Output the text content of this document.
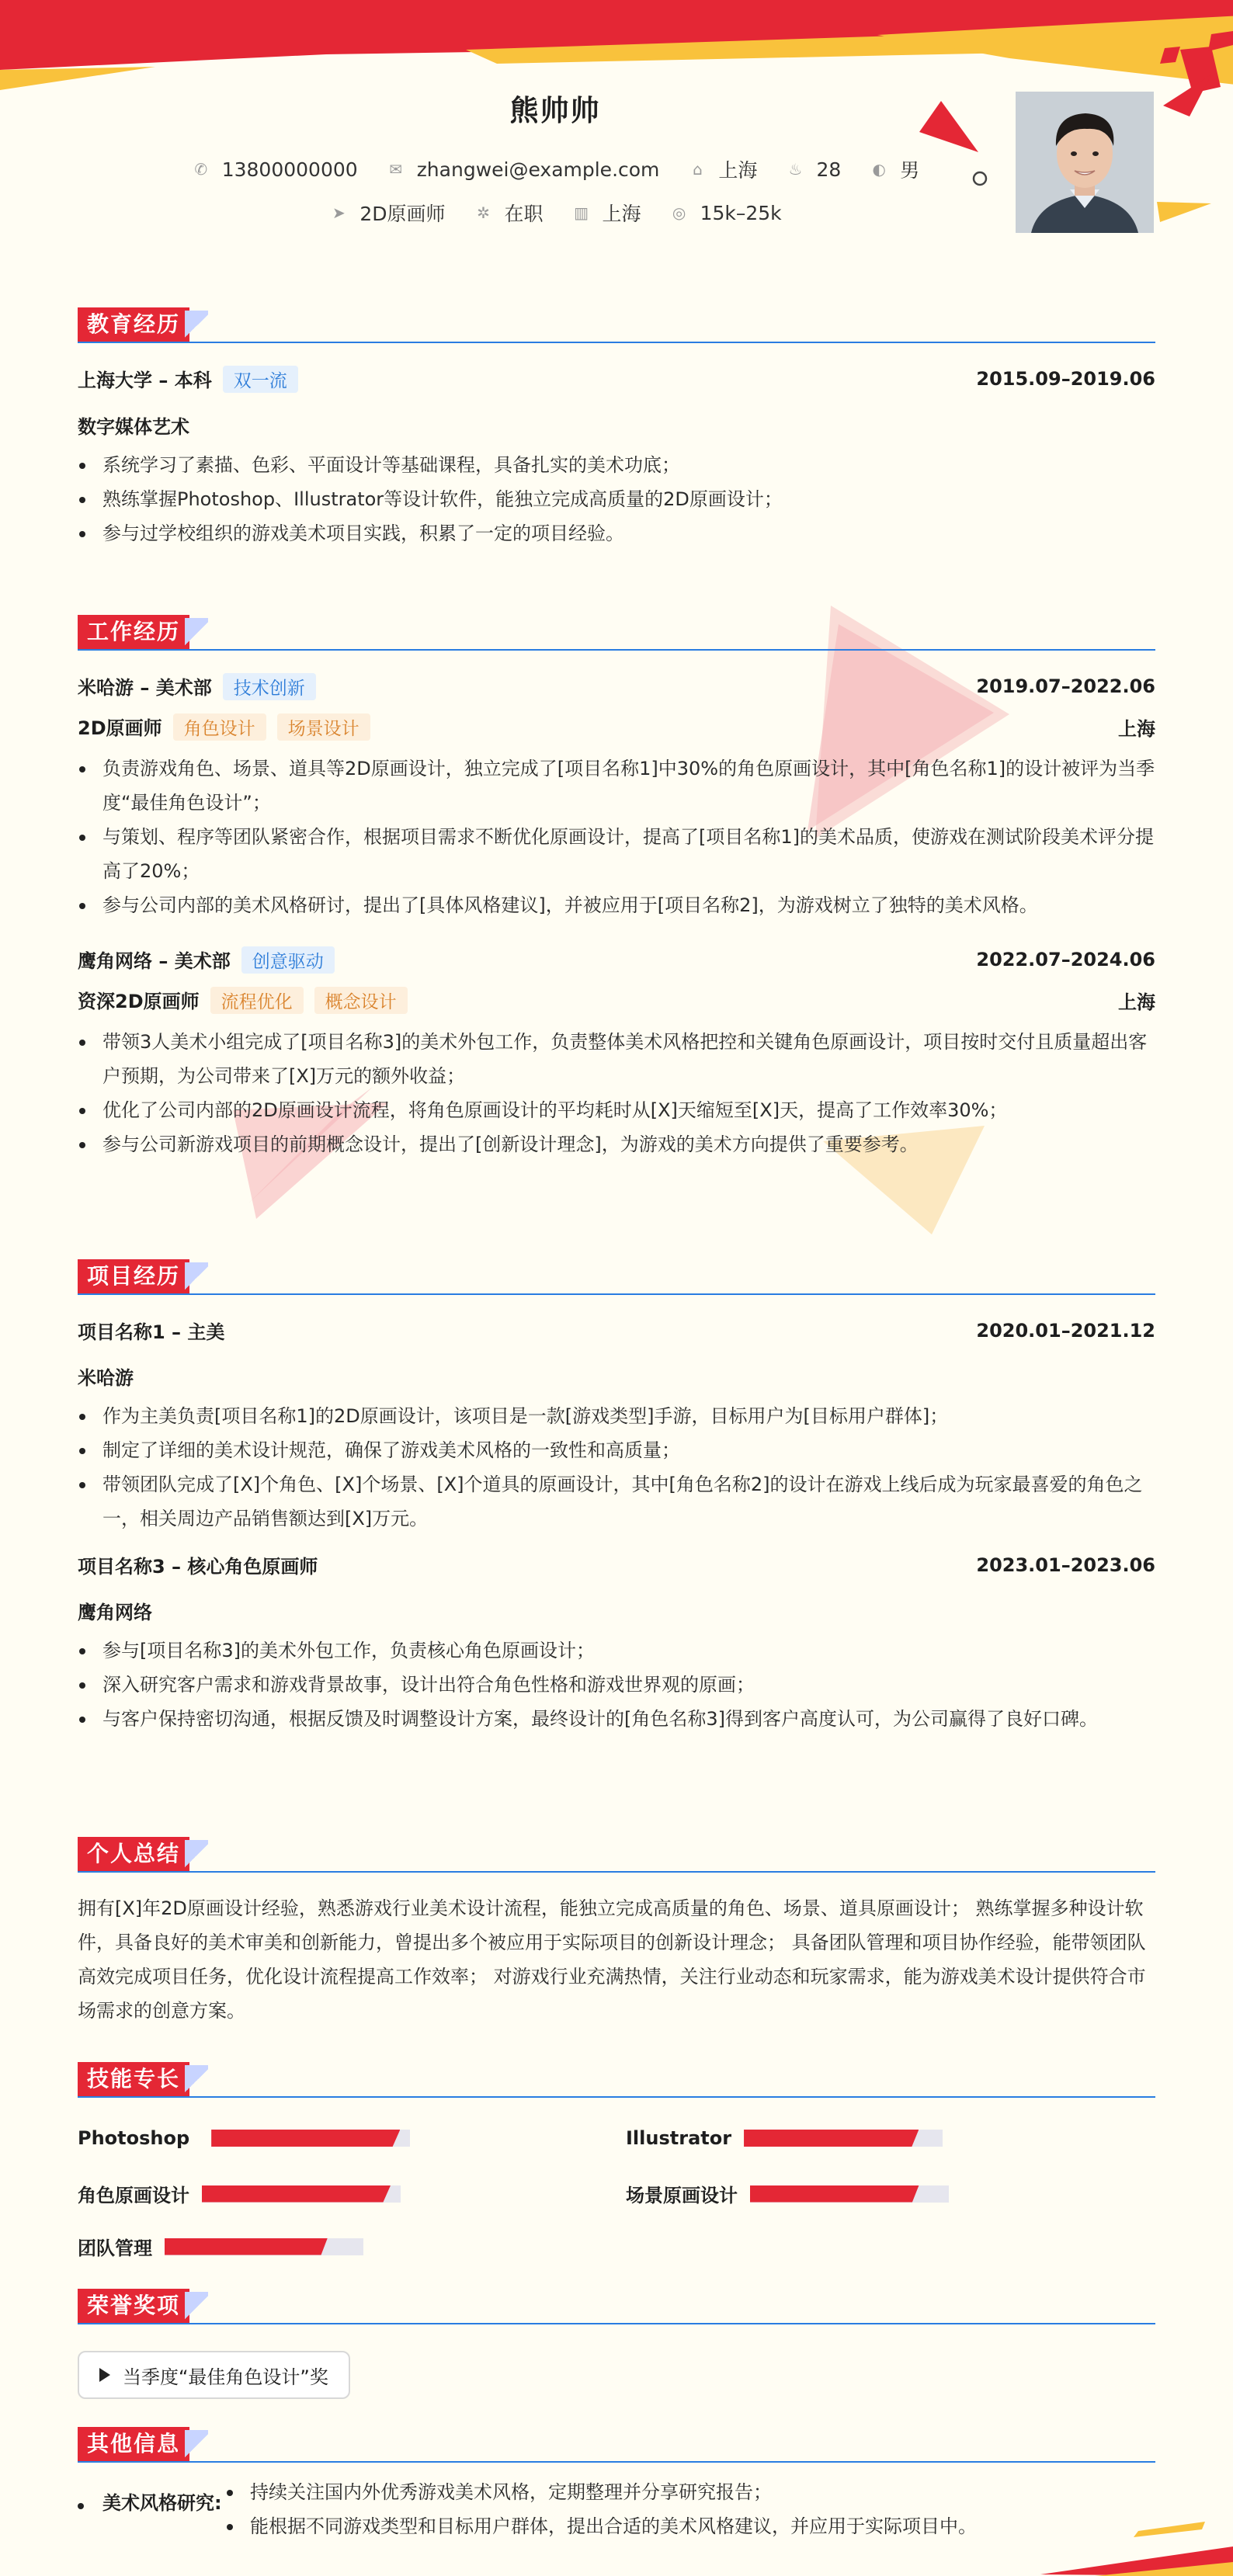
熊帅帅
✆ 13800000000 ✉ zhangwei@example.com	⌂ 上海 ♨ 28 ◐ 男
➤ 2D原画师 ✲ 在职 ▥ 上海 ◎ 15k–25k
教育经历
上海大学 – 本科 双一流	2015.09–2019.06
数字媒体艺术
系统学习了素描、色彩、平面设计等基础课程，具备扎实的美术功底；
熟练掌握Photoshop、Illustrator等设计软件，能独立完成高质量的2D原画设计；
参与过学校组织的游戏美术项目实践，积累了一定的项目经验。
工作经历
米哈游 – 美术部 技术创新	2019.07–2022.06
2D原画师 角色设计 场景设计	上海
负责游戏角色、场景、道具等2D原画设计，独立完成了[项目名称1]中30%的角色原画设计，其中[角色名称1]的设计被评为当季度“最佳角色设计”；
与策划、程序等团队紧密合作，根据项目需求不断优化原画设计，提高了[项目名称1]的美术品质，使游戏在测试阶段美术评分提高了20%；
参与公司内部的美术风格研讨，提出了[具体风格建议]，并被应用于[项目名称2]，为游戏树立了独特的美术风格。
鹰角网络 – 美术部 创意驱动	2022.07–2024.06
资深2D原画师 流程优化 概念设计	上海
带领3人美术小组完成了[项目名称3]的美术外包工作，负责整体美术风格把控和关键角色原画设计，项目按时交付且质量超出客户预期，为公司带来了[X]万元的额外收益；
优化了公司内部的2D原画设计流程，将角色原画设计的平均耗时从[X]天缩短至[X]天，提高了工作效率30%；
参与公司新游戏项目的前期概念设计，提出了[创新设计理念]，为游戏的美术方向提供了重要参考。
项目经历
项目名称1 – 主美	2020.01–2021.12
米哈游
作为主美负责[项目名称1]的2D原画设计，该项目是一款[游戏类型]手游，目标用户为[目标用户群体]；
制定了详细的美术设计规范，确保了游戏美术风格的一致性和高质量；
带领团队完成了[X]个角色、[X]个场景、[X]个道具的原画设计，其中[角色名称2]的设计在游戏上线后成为玩家最喜爱的角色之一，相关周边产品销售额达到[X]万元。
项目名称3 – 核心角色原画师	2023.01–2023.06
鹰角网络
参与[项目名称3]的美术外包工作，负责核心角色原画设计；
深入研究客户需求和游戏背景故事，设计出符合角色性格和游戏世界观的原画；
与客户保持密切沟通，根据反馈及时调整设计方案，最终设计的[角色名称3]得到客户高度认可，为公司赢得了良好口碑。
个人总结
拥有[X]年2D原画设计经验，熟悉游戏行业美术设计流程，能独立完成高质量的角色、场景、道具原画设计； 熟练掌握多种设计软件，具备良好的美术审美和创新能力，曾提出多个被应用于实际项目的创新设计理念； 具备团队管理和项目协作经验，能带领团队高效完成项目任务，优化设计流程提高工作效率； 对游戏行业充满热情，关注行业动态和玩家需求，能为游戏美术设计提供符合市场需求的创意方案。
技能专长
Photoshop	Illustrator
角色原画设计	场景原画设计
团队管理
荣誉奖项
当季度“最佳角色设计”奖
其他信息
美术风格研究:	持续关注国内外优秀游戏美术风格，定期整理并分享研究报告；
能根据不同游戏类型和目标用户群体，提出合适的美术风格建议，并应用于实际项目中。
